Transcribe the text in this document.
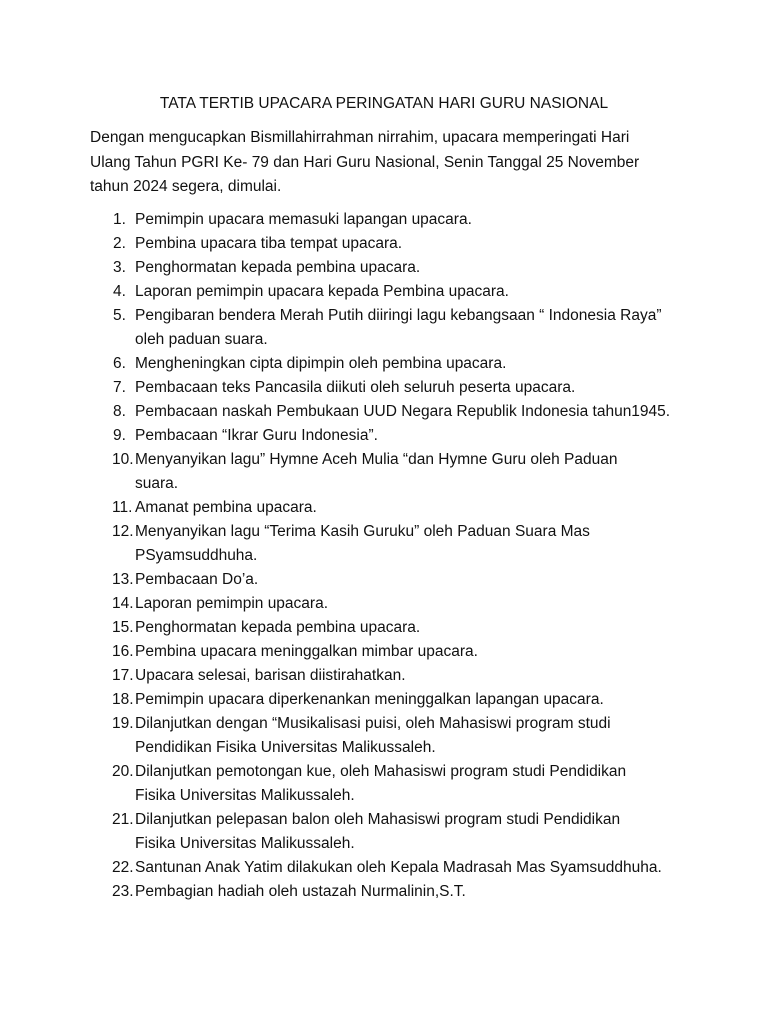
TATA TERTIB UPACARA PERINGATAN HARI GURU NASIONAL
Dengan mengucapkan Bismillahirrahman nirrahim, upacara memperingati Hari
Ulang Tahun PGRI Ke- 79 dan Hari Guru Nasional, Senin Tanggal 25 November
tahun 2024 segera, dimulai.
1. Pemimpin upacara memasuki lapangan upacara.
2. Pembina upacara tiba tempat upacara.
3. Penghormatan kepada pembina upacara.
4. Laporan pemimpin upacara kepada Pembina upacara.
5. Pengibaran bendera Merah Putih diiringi lagu kebangsaan “ Indonesia Raya”
oleh paduan suara.
6. Mengheningkan cipta dipimpin oleh pembina upacara.
7. Pembacaan teks Pancasila diikuti oleh seluruh peserta upacara.
8. Pembacaan naskah Pembukaan UUD Negara Republik Indonesia tahun1945.
9. Pembacaan “Ikrar Guru Indonesia”.
10. Menyanyikan lagu” Hymne Aceh Mulia “dan Hymne Guru oleh Paduan
suara.
11. Amanat pembina upacara.
12. Menyanyikan lagu “Terima Kasih Guruku” oleh Paduan Suara Mas
PSyamsuddhuha.
13. Pembacaan Do’a.
14. Laporan pemimpin upacara.
15. Penghormatan kepada pembina upacara.
16. Pembina upacara meninggalkan mimbar upacara.
17. Upacara selesai, barisan diistirahatkan.
18. Pemimpin upacara diperkenankan meninggalkan lapangan upacara.
19. Dilanjutkan dengan “Musikalisasi puisi, oleh Mahasiswi program studi
Pendidikan Fisika Universitas Malikussaleh.
20. Dilanjutkan pemotongan kue, oleh Mahasiswi program studi Pendidikan
Fisika Universitas Malikussaleh.
21. Dilanjutkan pelepasan balon oleh Mahasiswi program studi Pendidikan
Fisika Universitas Malikussaleh.
22. Santunan Anak Yatim dilakukan oleh Kepala Madrasah Mas Syamsuddhuha.
23. Pembagian hadiah oleh ustazah Nurmalinin,S.T.
